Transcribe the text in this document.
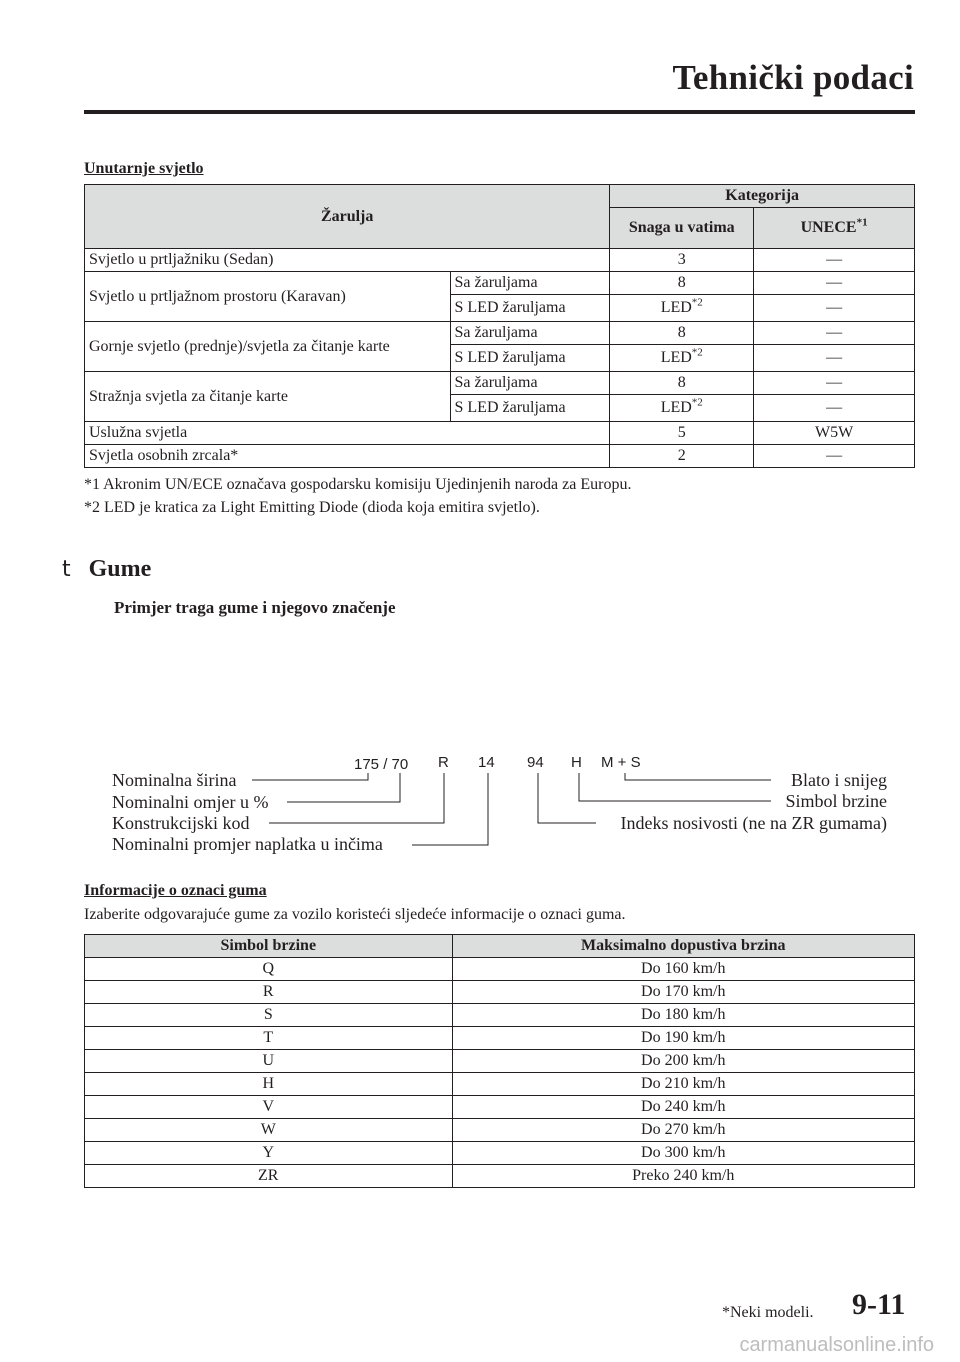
Tehnički podaci
Unutarnje svjetlo
Žarulja		Kategorija	
		Snaga u vatima	UNECE$^{*1}$
Svjetlo u prtljažniku (Sedan)		3	—
Svjetlo u prtljažnom prostoru (Karavan)	Sa žaruljama	8	—
	S LED žaruljama	LED$^{*2}$	—
Gornje svjetlo (prednje)/svjetla za čitanje karte	Sa žaruljama	8	—
	S LED žaruljama	LED$^{*2}$	—
Stražnja svjetla za čitanje karte	Sa žaruljama	8	—
	S LED žaruljama	LED$^{*2}$	—
Uslužna svjetla		5	W5W
Svjetla osobnih zrcala*		2	—
*1 Akronim UN/ECE označava gospodarsku komisiju Ujedinjenih naroda za Europu.
*2 LED je kratica za Light Emitting Diode (dioda koja emitira svjetlo).
t Gume
Primjer traga gume i njegovo značenje
175 / 70 R 14 94 H M + S
Nominalna širina
Nominalni omjer u %
Konstrukcijski kod
Nominalni promjer naplatka u inčima
Blato i snijeg
Simbol brzine
Indeks nosivosti (ne na ZR gumama)
Informacije o oznaci guma
Izaberite odgovarajuće gume za vozilo koristeći sljedeće informacije o oznaci guma.
Simbol brzine	Maksimalno dopustiva brzina
Q	Do 160 km/h
R	Do 170 km/h
S	Do 180 km/h
T	Do 190 km/h
U	Do 200 km/h
H	Do 210 km/h
V	Do 240 km/h
W	Do 270 km/h
Y	Do 300 km/h
ZR	Preko 240 km/h
*Neki modeli. 9-11
carmanualsonline.info
